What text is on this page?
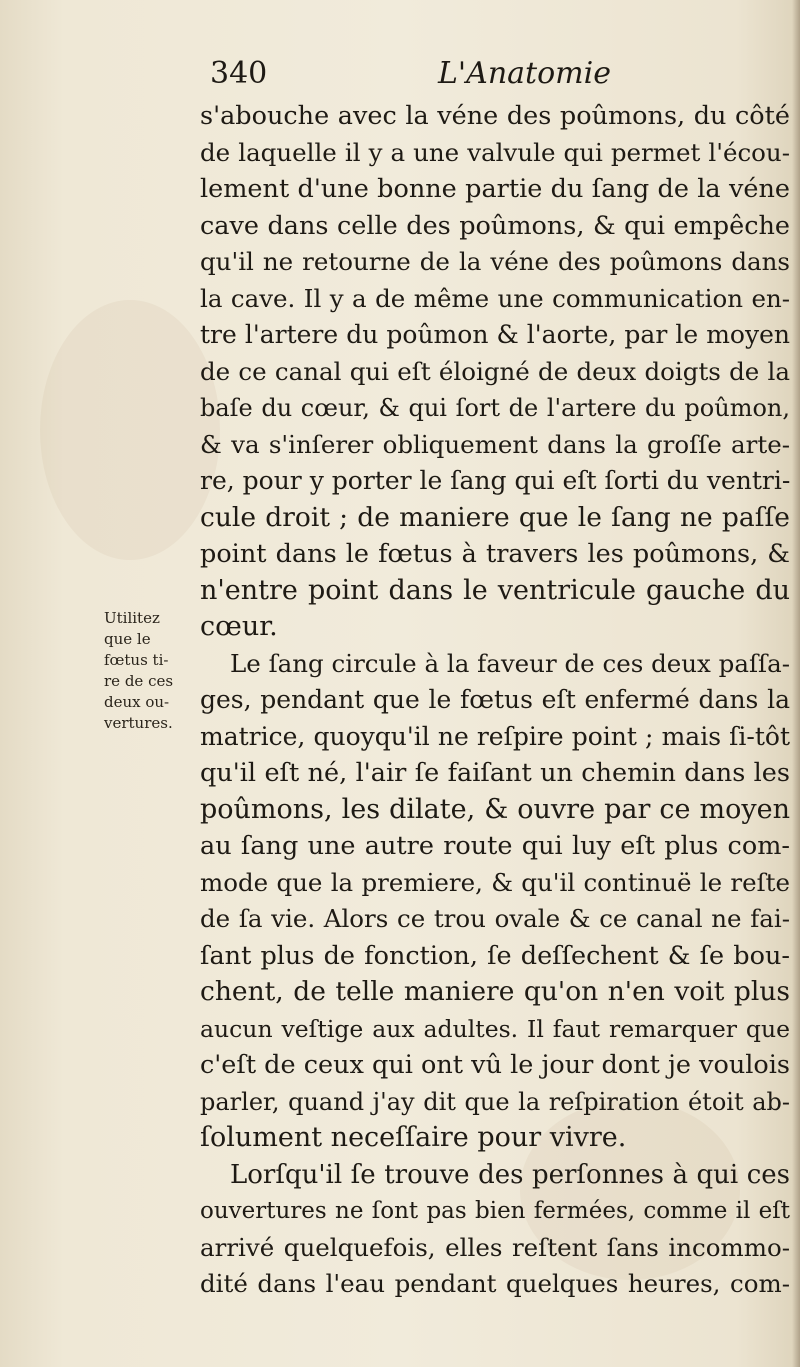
340	L'Anatomie
Utilitez
que le
fœtus ti-
re de ces
deux ou-
vertures.
s'abouche avec la véne des poûmons, du côté
de laquelle il y a une valvule qui permet l'écou-
lement d'une bonne partie du ſang de la véne
cave dans celle des poûmons, & qui empêche
qu'il ne retourne de la véne des poûmons dans
la cave. Il y a de même une communication en-
tre l'artere du poûmon & l'aorte, par le moyen
de ce canal qui eſt éloigné de deux doigts de la
baſe du cœur, & qui ſort de l'artere du poûmon,
& va s'inſerer obliquement dans la groſſe arte-
re, pour y porter le ſang qui eſt ſorti du ventri-
cule droit ; de maniere que le ſang ne paſſe
point dans le fœtus à travers les poûmons, &
n'entre point dans le ventricule gauche du
cœur.
Le ſang circule à la faveur de ces deux paſſa-
ges, pendant que le fœtus eſt enfermé dans la
matrice, quoyqu'il ne reſpire point ; mais ſi-tôt
qu'il eſt né, l'air ſe faiſant un chemin dans les
poûmons, les dilate, & ouvre par ce moyen
au ſang une autre route qui luy eſt plus com-
mode que la premiere, & qu'il continuë le reſte
de ſa vie. Alors ce trou ovale & ce canal ne fai-
ſant plus de fonction, ſe deſſechent & ſe bou-
chent, de telle maniere qu'on n'en voit plus
aucun veſtige aux adultes. Il faut remarquer que
c'eſt de ceux qui ont vû le jour dont je voulois
parler, quand j'ay dit que la reſpiration étoit ab-
ſolument neceſſaire pour vivre.
Lorſqu'il ſe trouve des perſonnes à qui ces
ouvertures ne ſont pas bien fermées, comme il eſt
arrivé quelquefois, elles reſtent ſans incommo-
dité dans l'eau pendant quelques heures, com-
